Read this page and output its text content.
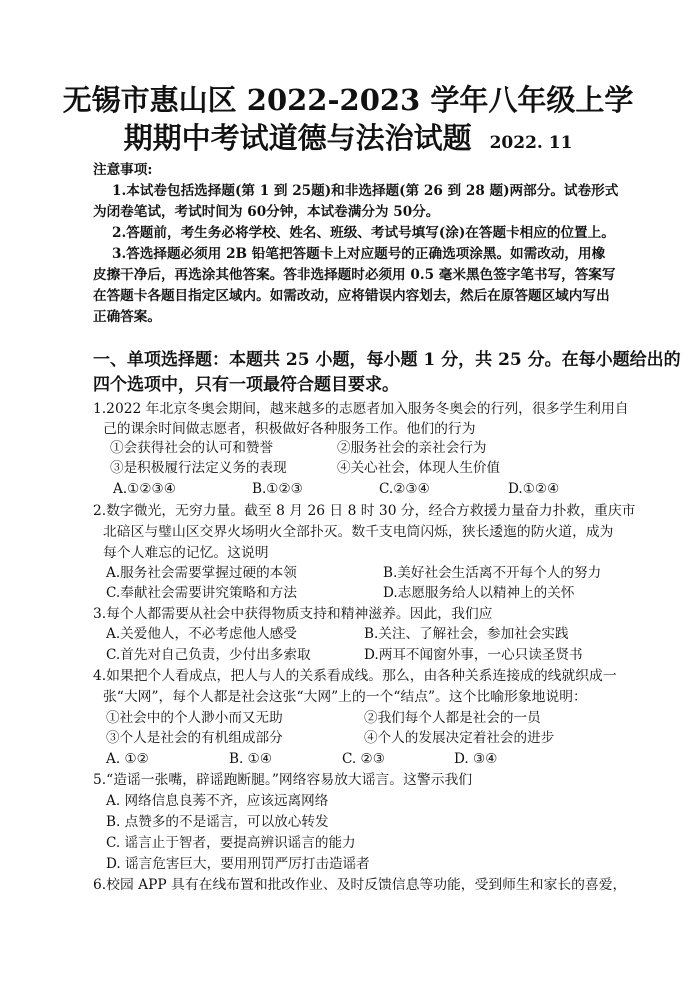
无锡市惠山区 2022-2023 学年八年级上学
期期中考试道德与法治试题 2022. 11
注意事项:
1.本试卷包括选择题(第 1 到 25题)和非选择题(第 26 到 28 题)两部分。试卷形式
为闭卷笔试，考试时间为 60分钟，本试卷满分为 50分。
2.答题前，考生务必将学校、姓名、班级、考试号填写(涂)在答题卡相应的位置上。
3.答选择题必须用 2B 铅笔把答题卡上对应题号的正确选项涂黑。如需改动，用橡
皮擦干净后，再选涂其他答案。答非选择题时必须用 0.5 毫米黑色签字笔书写，答案写
在答题卡各题目指定区域内。如需改动，应将错误内容划去，然后在原答题区域内写出
正确答案。
一、单项选择题：本题共 25 小题，每小题 1 分，共 25 分。在每小题给出的
四个选项中，只有一项最符合题目要求。
1.2022 年北京冬奥会期间，越来越多的志愿者加入服务冬奥会的行列，很多学生利用自
己的课余时间做志愿者，积极做好各种服务工作。他们的行为
①会获得社会的认可和赞誉	②服务社会的亲社会行为
③是积极履行法定义务的表现	④关心社会，体现人生价值
A.①②③④	B.①②③	C.②③④	D.①②④
2.数字微光，无穷力量。截至 8 月 26 日 8 时 30 分，经合方救援力量奋力扑救，重庆市
北碚区与璧山区交界火场明火全部扑灭。数千支电筒闪烁，狭长逶迤的防火道，成为
每个人难忘的记忆。这说明
A.服务社会需要掌握过硬的本领	B.美好社会生活离不开每个人的努力
C.奉献社会需要讲究策略和方法	D.志愿服务给人以精神上的关怀
3.每个人都需要从社会中获得物质支持和精神滋养。因此，我们应
A.关爱他人，不必考虑他人感受	B.关注、了解社会，参加社会实践
C.首先对自己负责，少付出多索取	D.两耳不闻窗外事，一心只读圣贤书
4.如果把个人看成点，把人与人的关系看成线。那么，由各种关系连接成的线就织成一
张“大网”，每个人都是社会这张“大网”上的一个“结点”。这个比喻形象地说明：
①社会中的个人渺小而又无助	②我们每个人都是社会的一员
③个人是社会的有机组成部分	④个人的发展决定着社会的进步
A. ①②	B. ①④	C. ②③	D. ③④
5.“造谣一张嘴，辟谣跑断腿。”网络容易放大谣言。这警示我们
A. 网络信息良莠不齐，应该远离网络
B. 点赞多的不是谣言，可以放心转发
C. 谣言止于智者，要提高辨识谣言的能力
D. 谣言危害巨大，要用刑罚严厉打击造谣者
6.校园 APP 具有在线布置和批改作业、及时反馈信息等功能，受到师生和家长的喜爱，
